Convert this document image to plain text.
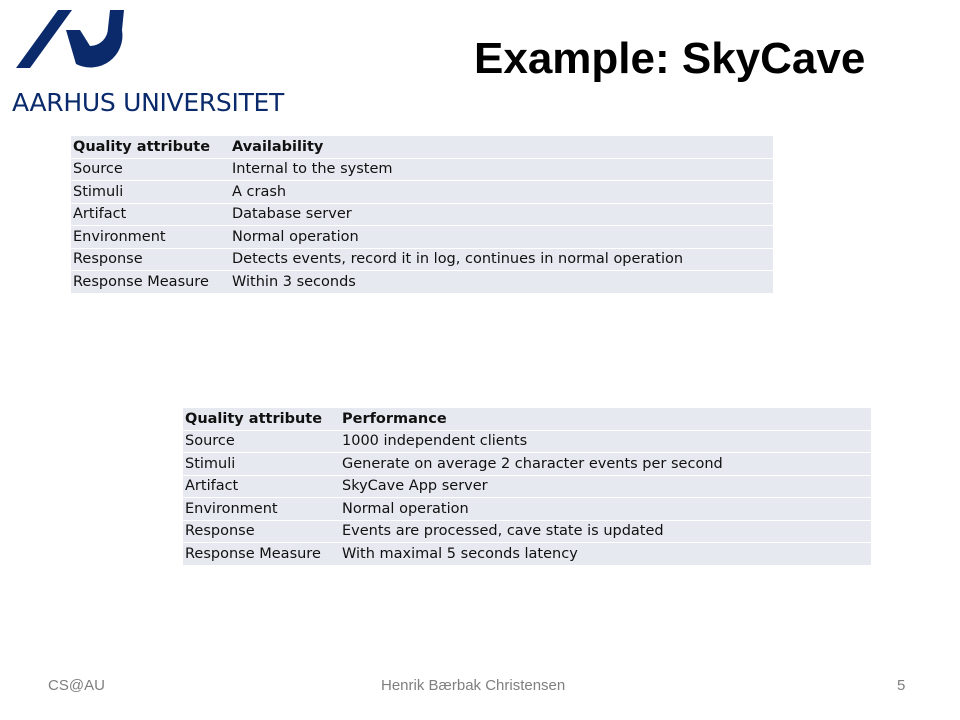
AARHUS UNIVERSITET
Example: SkyCave
Quality attribute	Availability
Source	Internal to the system
Stimuli	A crash
Artifact	Database server
Environment	Normal operation
Response	Detects events, record it in log, continues in normal operation
Response Measure	Within 3 seconds
Quality attribute	Performance
Source	1000 independent clients
Stimuli	Generate on average 2 character events per second
Artifact	SkyCave App server
Environment	Normal operation
Response	Events are processed, cave state is updated
Response Measure	With maximal 5 seconds latency
CS@AU	Henrik Bærbak Christensen	5
